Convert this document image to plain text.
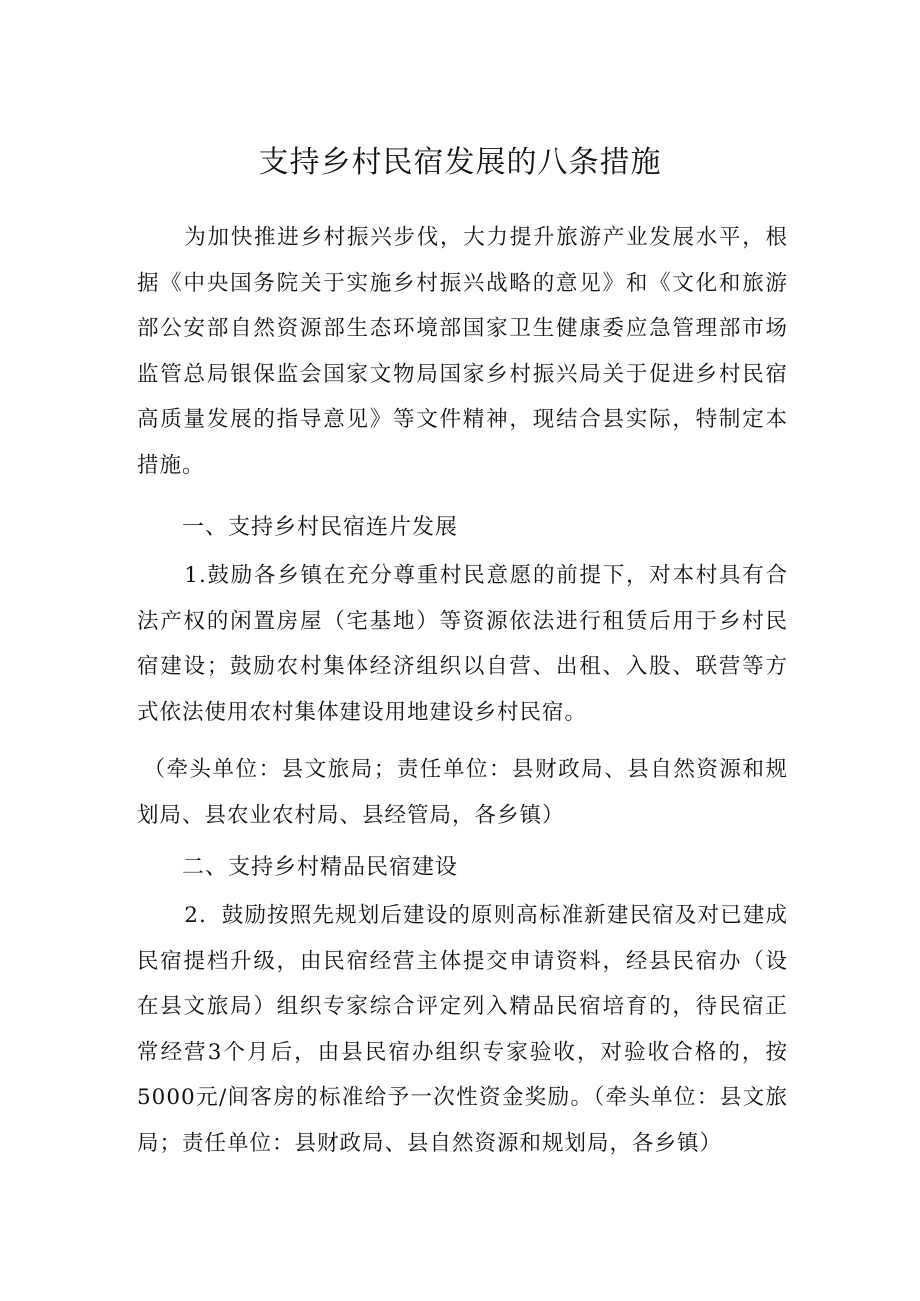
支持乡村民宿发展的八条措施

为加快推进乡村振兴步伐，大力提升旅游产业发展水平，根据《中央国务院关于实施乡村振兴战略的意见》和《文化和旅游部公安部自然资源部生态环境部国家卫生健康委应急管理部市场监管总局银保监会国家文物局国家乡村振兴局关于促进乡村民宿高质量发展的指导意见》等文件精神，现结合县实际，特制定本措施。

一、支持乡村民宿连片发展

1.鼓励各乡镇在充分尊重村民意愿的前提下，对本村具有合法产权的闲置房屋（宅基地）等资源依法进行租赁后用于乡村民宿建设；鼓励农村集体经济组织以自营、出租、入股、联营等方式依法使用农村集体建设用地建设乡村民宿。

（牵头单位：县文旅局；责任单位：县财政局、县自然资源和规划局、县农业农村局、县经管局，各乡镇）

二、支持乡村精品民宿建设

2．鼓励按照先规划后建设的原则高标准新建民宿及对已建成民宿提档升级，由民宿经营主体提交申请资料，经县民宿办（设在县文旅局）组织专家综合评定列入精品民宿培育的，待民宿正常经营3个月后，由县民宿办组织专家验收，对验收合格的，按5000元/间客房的标准给予一次性资金奖励。（牵头单位：县文旅局；责任单位：县财政局、县自然资源和规划局，各乡镇）
